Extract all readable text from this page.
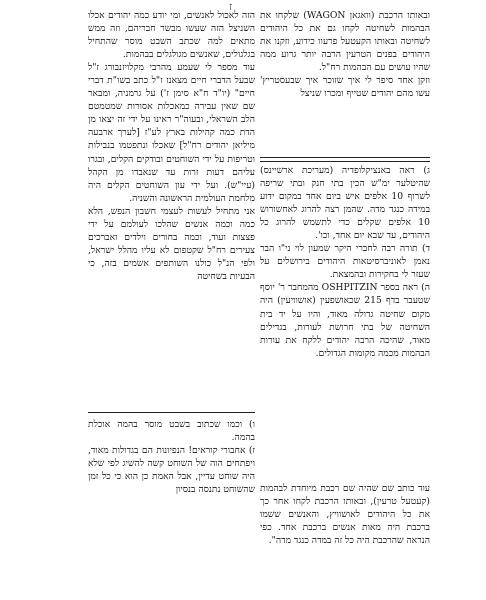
ז

ובאותו הרכבת (וואגאן WAGON) שלקחו את הבהמות לשחיטה לקחו גם את כל היהודים לשחיטה ובאותו הקעטעל פרעוו כידוע, וזקנו את היהודים בפנים הטרעין הרבה יותר גרוע ממה שהיו עושים עם הבהמות רח"ל.
וזקן אחד סיפר לי איך שזוכר איך שבעסטריץ' עשו מהם יהודים שטייף ומכרו שניצל

ג) ראה באנציקלופדיה (מעריכת ארשיינס) שהיטלער ימ"ש הכין בתי חנק ובתי שריפה לשרוף 10 אלפים איש ביום אחד במקום ידוע במידה כנגד מדה. שהמן רצה להרוג לאחשורוש 10 אלפים שקלים כדי לתשמש להרוג כל היהודים, עד שבא יום אחד, וכו'.
ד) תורה רבה לחברי היקר שמעון לוי ני"ו הבר נאמן לאוניברסיטאות היהודים בירושלים על שעזר לי בחקירות ובהמצאת.
ה) ראה בספר OSHPITZIN מהמחבר ר' יוסף שטעבר בדף 215 שכאושפעין (אושוויעין) היה מקום שחיטה גדולה מאוד, והיו על יד בית השחיטה של בתי חרושת לעורות, בגדילים מאוד, שהיכה הרבה יהודים ללקח את עורות הבהמות מכמה מקומות הגדולים.
עוד כותב שם שהיה שם רכבת מיוחדת לבהמות (קעטעל טרעין), ובאותו הרכבת לקחו אחר כך את כל היהודים לאושוויץ, והאנשים ששמו ברכבת היה מאות אנשים ברכבת אחד. כפי הנראה שהרכבת היה כל זה במדה כנגד מדה".

הזה לאכול לאנשים, ומי יודע כמה יהודים אכלו השניצל הזה שעשו מבשר חבריהם, וזה ממש מתאים למה שכתב השבט מוסר שהתחיל בגלגולים, שאנשים מגולגלים בבהמות.
עוד מספר לי שעמע מהרבי מקלויזנבורג ז"ל שבעל הדברי חיים מצאנז ז"ל כתב בשו"ת דברי חיים" (יו"ד ח"א סימן ז') על גרמניה, ומבאר שם שאין עבירה כמאכלות אסורות שמטמטם הלב השראלי, ובעוה"ר ראינו על ידי זה יצאו מן הדת כמה קהילות בארץ לע"ז [לערך ארבעה מיליאן יהודים רח"ל] שאכלו ונתפטמו בנבילות וטריפות על ידי השוחטים ובודקים הקלים, ובגרו עליהם דעות זרות עד שנאבדו מן הקהל (עיי"ש). ועל ידי עון השוחטים הקלים היה מלחמת העולמית הראשונה והשניה.
אני מתחיל לעשות לעצמי חשבון הנפש, הלא כמה וכמה אנשים שהלכו לעולמם על ידי פצצות ועוד, וכמה בחורים וילדים ואברכים צעירים רח"ל שקטפום לא עליו מהלל ישראל, ולפי הנ"ל כולנו השותפים אשמים בזה, כי הבעיות בשחיטה

ו) וכמו שכתוב בשבט מוסר בהמה אוכלת בהמה.
ז) אחבורי קוראים! הנפיונות הם בגדולות מאוד, ויפתחים הוה של השוחט קשה להשיג לפי שלא היה שוחט עדיין, אבל האמת כן הוא כי כל זמן שהשוחט נתנסה בנסיון
